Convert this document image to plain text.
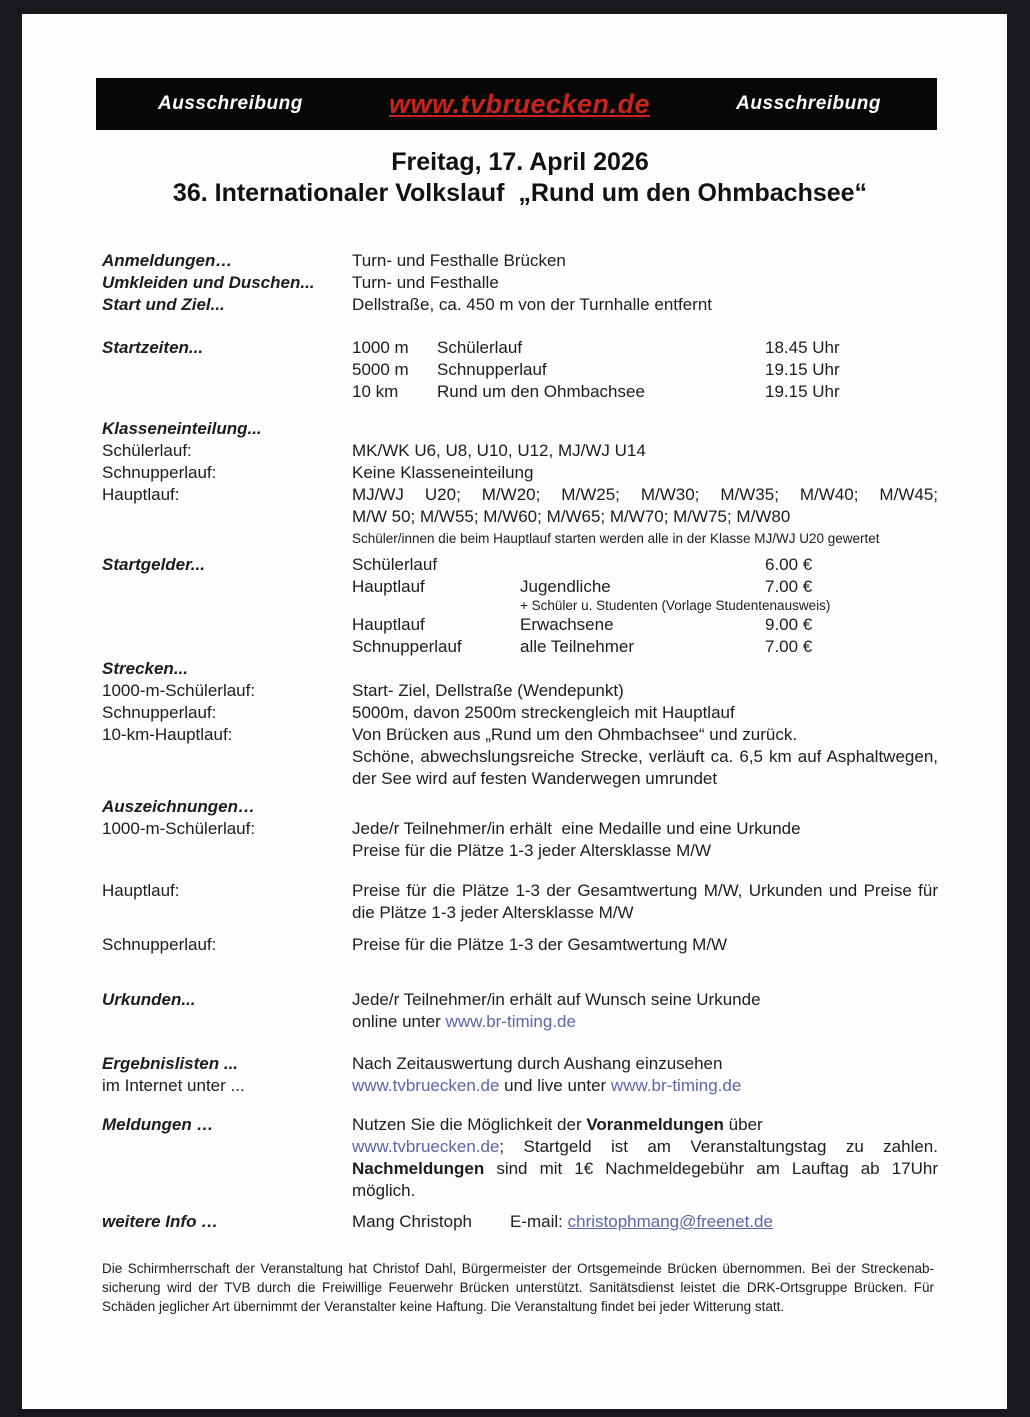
Ausschreibung	www.tvbruecken.de	Ausschreibung
Freitag, 17. April 2026
36. Internationaler Volkslauf  „Rund um den Ohmbachsee“
Anmeldungen…	Turn- und Festhalle Brücken
Umkleiden und Duschen...	Turn- und Festhalle
Start und Ziel...	Dellstraße, ca. 450 m von der Turnhalle entfernt
Startzeiten...	1000 m	Schülerlauf	18.45 Uhr
5000 m	Schnupperlauf	19.15 Uhr
10 km	Rund um den Ohmbachsee	19.15 Uhr
Klasseneinteilung...
Schülerlauf:	MK/WK U6, U8, U10, U12, MJ/WJ U14
Schnupperlauf:	Keine Klasseneinteilung
Hauptlauf:	MJ/WJ U20; M/W20; M/W25; M/W30; M/W35; M/W40; M/W45;
M/W 50; M/W55; M/W60; M/W65; M/W70; M/W75; M/W80
Schüler/innen die beim Hauptlauf starten werden alle in der Klasse MJ/WJ U20 gewertet
Startgelder...	Schülerlauf	6.00 €
Hauptlauf	Jugendliche	7.00 €
+ Schüler u. Studenten (Vorlage Studentenausweis)
Hauptlauf	Erwachsene	9.00 €
Schnupperlauf	alle Teilnehmer	7.00 €
Strecken...
1000-m-Schülerlauf:	Start- Ziel, Dellstraße (Wendepunkt)
Schnupperlauf:	5000m, davon 2500m streckengleich mit Hauptlauf
10-km-Hauptlauf:	Von Brücken aus „Rund um den Ohmbachsee“ und zurück.
Schöne, abwechslungsreiche Strecke, verläuft ca. 6,5 km auf Asphaltwegen, der See wird auf festen Wanderwegen umrundet
Auszeichnungen…
1000-m-Schülerlauf:	Jede/r Teilnehmer/in erhält  eine Medaille und eine Urkunde
Preise für die Plätze 1-3 jeder Altersklasse M/W
Hauptlauf:	Preise für die Plätze 1-3 der Gesamtwertung M/W, Urkunden und Preise für die Plätze 1-3 jeder Altersklasse M/W
Schnupperlauf:	Preise für die Plätze 1-3 der Gesamtwertung M/W
Urkunden...	Jede/r Teilnehmer/in erhält auf Wunsch seine Urkunde
online unter www.br-timing.de
Ergebnislisten ...	Nach Zeitauswertung durch Aushang einzusehen
im Internet unter ...	www.tvbruecken.de und live unter www.br-timing.de
Meldungen …	Nutzen Sie die Möglichkeit der Voranmeldungen über
www.tvbruecken.de; Startgeld ist am Veranstaltungstag zu zahlen. Nachmeldungen sind mit 1€ Nachmeldegebühr am Lauftag ab 17Uhr möglich.
weitere Info …	Mang Christoph E-mail: christophmang@freenet.de
Die Schirmherrschaft der Veranstaltung hat Christof Dahl, Bürgermeister der Ortsgemeinde Brücken übernommen. Bei der Streckenabsicherung wird der TVB durch die Freiwillige Feuerwehr Brücken unterstützt. Sanitätsdienst leistet die DRK-Ortsgruppe Brücken. Für Schäden jeglicher Art übernimmt der Veranstalter keine Haftung. Die Veranstaltung findet bei jeder Witterung statt.
